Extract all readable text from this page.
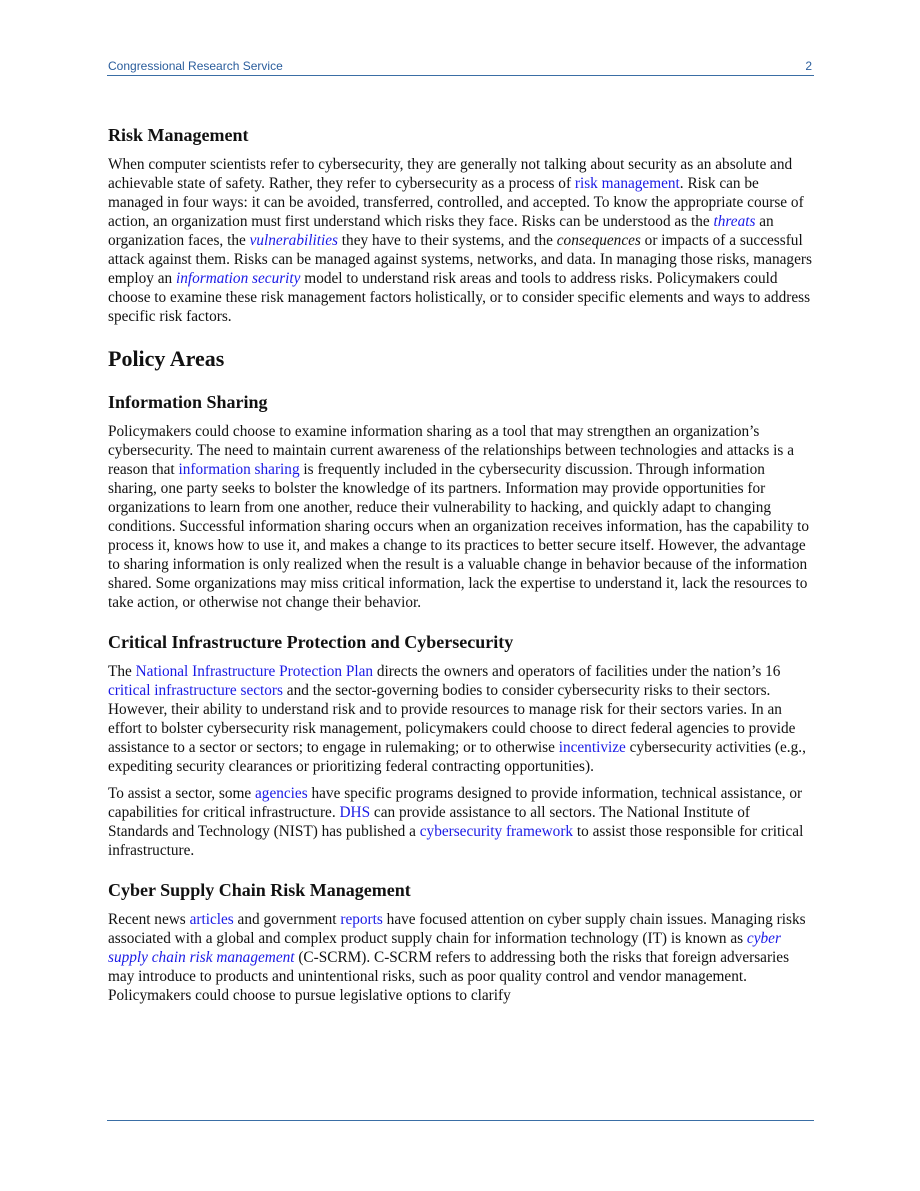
Congressional Research Service	2
Risk Management

When computer scientists refer to cybersecurity, they are generally not talking about security as an absolute and achievable state of safety. Rather, they refer to cybersecurity as a process of risk management. Risk can be managed in four ways: it can be avoided, transferred, controlled, and accepted. To know the appropriate course of action, an organization must first understand which risks they face. Risks can be understood as the threats an organization faces, the vulnerabilities they have to their systems, and the consequences or impacts of a successful attack against them. Risks can be managed against systems, networks, and data. In managing those risks, managers employ an information security model to understand risk areas and tools to address risks. Policymakers could choose to examine these risk management factors holistically, or to consider specific elements and ways to address specific risk factors.

Policy Areas
Information Sharing

Policymakers could choose to examine information sharing as a tool that may strengthen an organization’s cybersecurity. The need to maintain current awareness of the relationships between technologies and attacks is a reason that information sharing is frequently included in the cybersecurity discussion. Through information sharing, one party seeks to bolster the knowledge of its partners. Information may provide opportunities for organizations to learn from one another, reduce their vulnerability to hacking, and quickly adapt to changing conditions. Successful information sharing occurs when an organization receives information, has the capability to process it, knows how to use it, and makes a change to its practices to better secure itself. However, the advantage to sharing information is only realized when the result is a valuable change in behavior because of the information shared. Some organizations may miss critical information, lack the expertise to understand it, lack the resources to take action, or otherwise not change their behavior.

Critical Infrastructure Protection and Cybersecurity

The National Infrastructure Protection Plan directs the owners and operators of facilities under the nation’s 16 critical infrastructure sectors and the sector-governing bodies to consider cybersecurity risks to their sectors. However, their ability to understand risk and to provide resources to manage risk for their sectors varies. In an effort to bolster cybersecurity risk management, policymakers could choose to direct federal agencies to provide assistance to a sector or sectors; to engage in rulemaking; or to otherwise incentivize cybersecurity activities (e.g., expediting security clearances or prioritizing federal contracting opportunities).

To assist a sector, some agencies have specific programs designed to provide information, technical assistance, or capabilities for critical infrastructure. DHS can provide assistance to all sectors. The National Institute of Standards and Technology (NIST) has published a cybersecurity framework to assist those responsible for critical infrastructure.

Cyber Supply Chain Risk Management

Recent news articles and government reports have focused attention on cyber supply chain issues. Managing risks associated with a global and complex product supply chain for information technology (IT) is known as cyber supply chain risk management (C-SCRM). C-SCRM refers to addressing both the risks that foreign adversaries may introduce to products and unintentional risks, such as poor quality control and vendor management. Policymakers could choose to pursue legislative options to clarify
